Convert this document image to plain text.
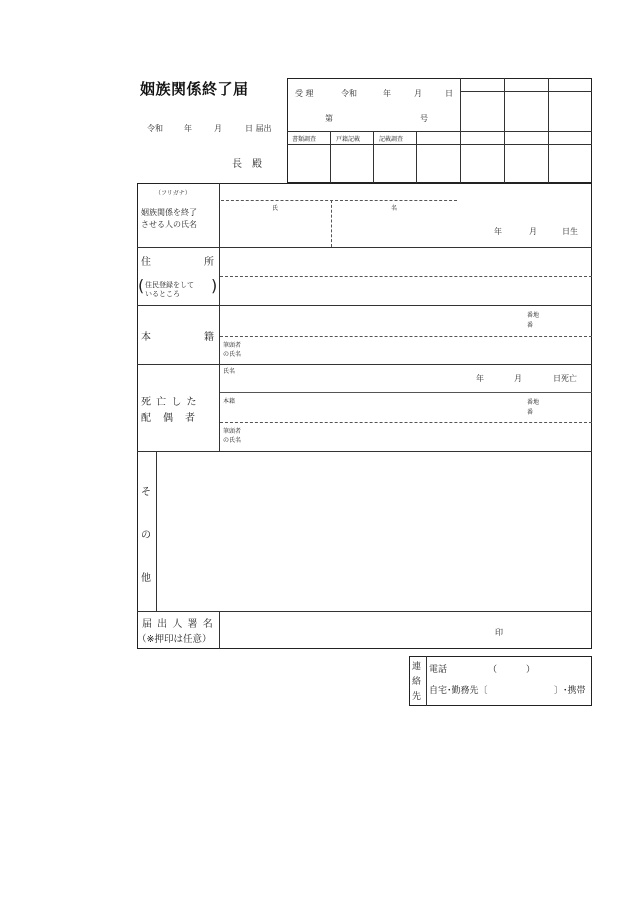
姻族関係終了届
令和	年	月	日 届出
長　殿
受 理	令和	年	月	日
第	号
書類調査	戸籍記載	記載調査
（フリガナ）
姻族関係を終了
させる人の氏名
氏	名
年	月	日生
住	所
( 住民登録をして
いるところ )
本	籍
番地
番
筆頭者
の氏名
死 亡 し た
配　偶　者
氏名
年	月	日死亡
本籍	番地
番
筆頭者
の氏名
そ
の
他
届 出 人 署 名
（※押印は任意）
印
連
絡
先
電話	（	）
自宅･勤務先〔	〕･携帯
